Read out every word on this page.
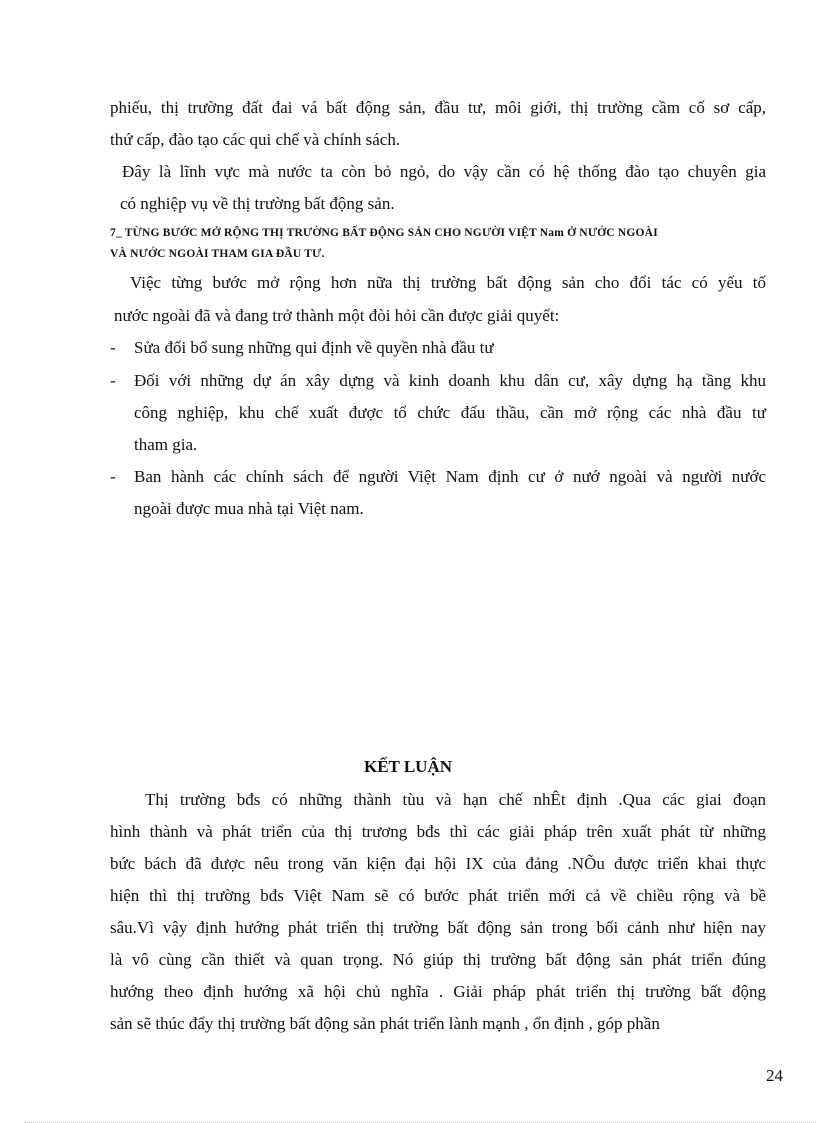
phiếu, thị trường đất đai vá bất động sản, đầu tư, môi giới, thị trường cầm cố sơ cấp,
thứ cấp, đào tạo các qui chế và chính sách.
Đây là lĩnh vực mà nước ta còn bỏ ngỏ, do vậy cần có hệ thống đào tạo chuyên gia
có nghiệp vụ về thị trường bất động sản.
7_ TỪNG BƯỚC MỞ RỘNG THỊ TRƯỜNG BẤT ĐỘNG SẢN CHO NGƯỜI VIỆT Nam Ở NƯỚC NGOÀI
VÀ NƯỚC NGOÀI THAM GIA ĐẦU TƯ.
Việc từng bước mở rộng hơn nữa thị trường bất động sản cho đối tác có yếu tố
nước ngoài đã và đang trở thành một đòi hỏi cần được giải quyết:
- Sửa đổi bổ sung những qui định về quyền nhà đầu tư
- Đối với những dự án xây dựng và kinh doanh khu dân cư, xây dựng hạ tầng khu
công nghiệp, khu chế xuất được tổ chức đấu thầu, cần mở rộng các nhà đầu tư
tham gia.
- Ban hành các chính sách để người Việt Nam định cư ở nướ ngoài và người nước
ngoài được mua nhà tại Việt nam.
KẾT LUẬN
Thị trường bđs có những thành tùu và hạn chế nhÊt định .Qua các giai đoạn
hình thành và phát triển của thị trương bđs thì các giải pháp trên xuất phát từ những
bức bách đã được nêu trong văn kiện đại hội IX của đảng .NÕu được triển khai thực
hiện thì thị trường bđs Việt Nam sẽ có bước phát triển mới cả về chiều rộng và bề
sâu.Vì vậy định hướng phát triển thị trường bất động sản trong bối cảnh như hiện nay
là vô cùng cần thiết và quan trọng. Nó giúp thị trường bất động sản phát triển đúng
hướng theo định hướng xã hội chủ nghĩa . Giải pháp phát triển thị trường bất động
sản sẽ thúc đẩy thị trường bất động sản phát triển lành mạnh , ổn định , góp phần
24
